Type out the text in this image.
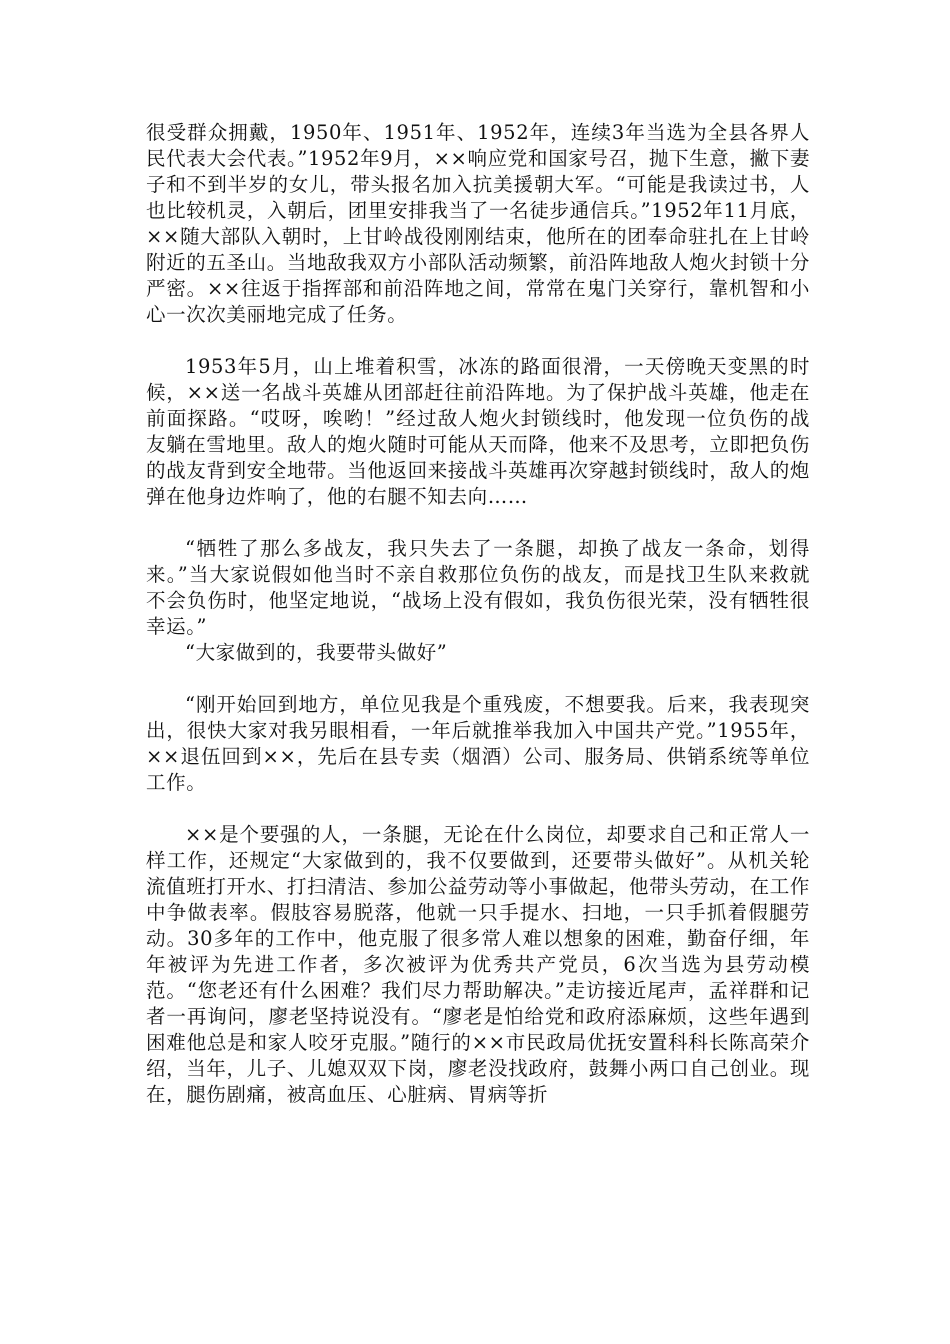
很受群众拥戴，1950年、1951年、1952年，连续3年当选为全县各界人民代表大会代表。”1952年9月，××响应党和国家号召，抛下生意，撇下妻子和不到半岁的女儿，带头报名加入抗美援朝大军。“可能是我读过书，人也比较机灵，入朝后，团里安排我当了一名徒步通信兵。”1952年11月底，××随大部队入朝时，上甘岭战役刚刚结束，他所在的团奉命驻扎在上甘岭附近的五圣山。当地敌我双方小部队活动频繁，前沿阵地敌人炮火封锁十分严密。××往返于指挥部和前沿阵地之间，常常在鬼门关穿行，靠机智和小心一次次美丽地完成了任务。

1953年5月，山上堆着积雪，冰冻的路面很滑，一天傍晚天变黑的时候，××送一名战斗英雄从团部赶往前沿阵地。为了保护战斗英雄，他走在前面探路。“哎呀，唉哟！”经过敌人炮火封锁线时，他发现一位负伤的战友躺在雪地里。敌人的炮火随时可能从天而降，他来不及思考，立即把负伤的战友背到安全地带。当他返回来接战斗英雄再次穿越封锁线时，敌人的炮弹在他身边炸响了，他的右腿不知去向……

“牺牲了那么多战友，我只失去了一条腿，却换了战友一条命，划得来。”当大家说假如他当时不亲自救那位负伤的战友，而是找卫生队来救就不会负伤时，他坚定地说，“战场上没有假如，我负伤很光荣，没有牺牲很幸运。”

“大家做到的，我要带头做好”

“刚开始回到地方，单位见我是个重残废，不想要我。后来，我表现突出，很快大家对我另眼相看，一年后就推举我加入中国共产党。”1955年，××退伍回到××，先后在县专卖（烟酒）公司、服务局、供销系统等单位工作。

××是个要强的人，一条腿，无论在什么岗位，却要求自己和正常人一样工作，还规定“大家做到的，我不仅要做到，还要带头做好”。从机关轮流值班打开水、打扫清洁、参加公益劳动等小事做起，他带头劳动，在工作中争做表率。假肢容易脱落，他就一只手提水、扫地，一只手抓着假腿劳动。30多年的工作中，他克服了很多常人难以想象的困难，勤奋仔细，年年被评为先进工作者，多次被评为优秀共产党员，6次当选为县劳动模范。“您老还有什么困难？我们尽力帮助解决。”走访接近尾声，孟祥群和记者一再询问，廖老坚持说没有。“廖老是怕给党和政府添麻烦，这些年遇到困难他总是和家人咬牙克服。”随行的××市民政局优抚安置科科长陈高荣介绍，当年，儿子、儿媳双双下岗，廖老没找政府，鼓舞小两口自己创业。现在，腿伤剧痛，被高血压、心脏病、胃病等折
